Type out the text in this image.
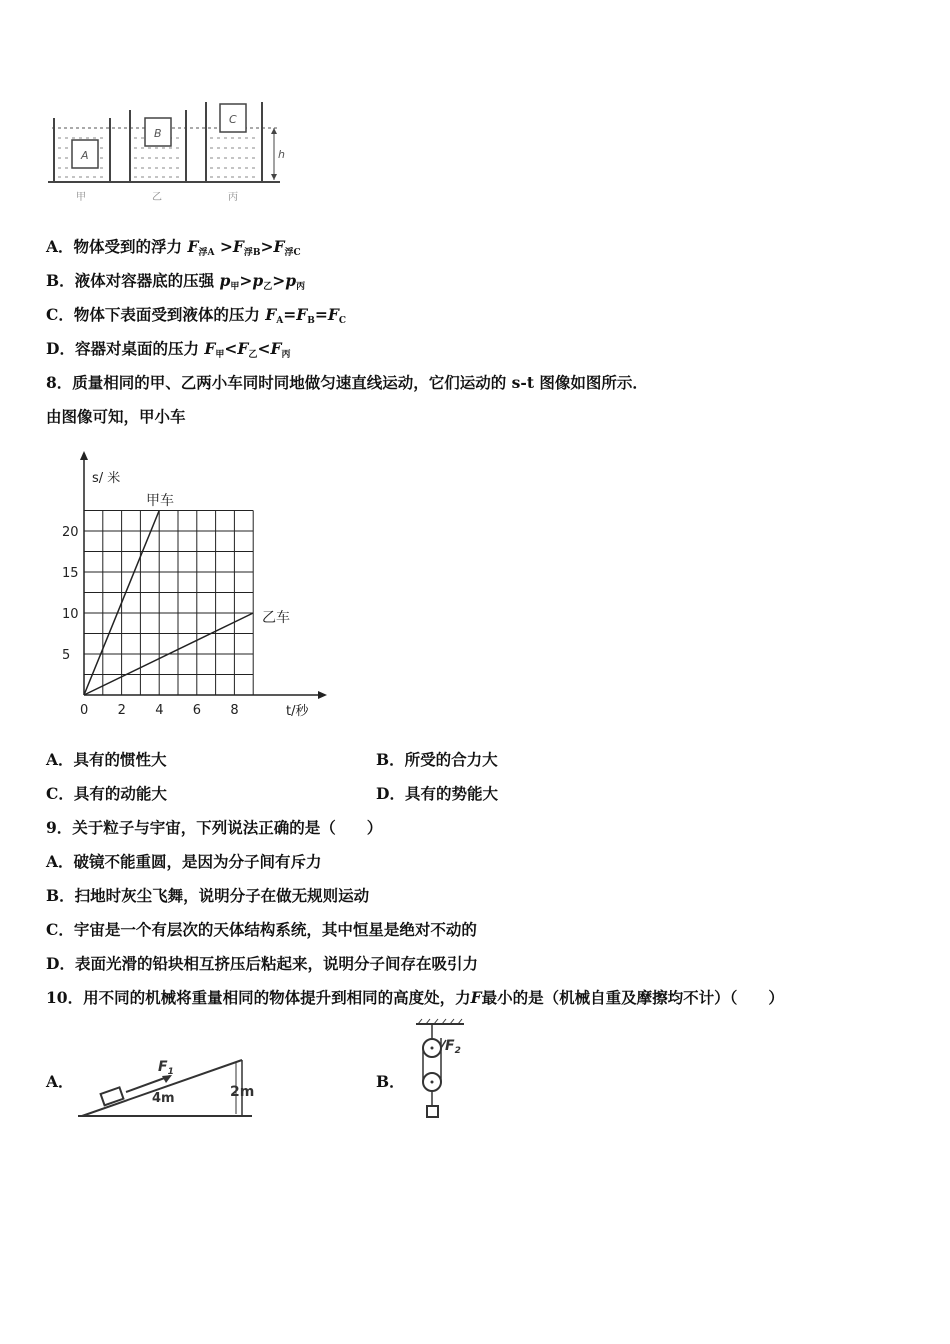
h
A
B
C
甲	乙	丙
A．物体受到的浮力 $F_{浮A} >F_{浮B}>F_{浮C}$
B．液体对容器底的压强 $p_甲>p_乙>p_丙$
C．物体下表面受到液体的压力 $F_A=F_B=F_C$
D．容器对桌面的压力 $F_甲<F_乙<F_丙$
8．质量相同的甲、乙两小车同时同地做匀速直线运动，它们运动的 s-t 图像如图所示．
由图像可知，甲小车
0 2 4 6 8
5
10
15
20
s/ 米
t/秒
甲车
乙车
A．具有的惯性大	B．所受的合力大
C．具有的动能大	D．具有的势能大
9．关于粒子与宇宙，下列说法正确的是（　　）
A．破镜不能重圆，是因为分子间有斥力
B．扫地时灰尘飞舞，说明分子在做无规则运动
C．宇宙是一个有层次的天体结构系统，其中恒星是绝对不动的
D．表面光滑的铅块相互挤压后粘起来，说明分子间存在吸引力
10．用不同的机械将重量相同的物体提升到相同的高度处，力F最小的是（机械自重及摩擦均不计）（　　）
A．
$F_1$
4m	2m
B．
$F_2$
